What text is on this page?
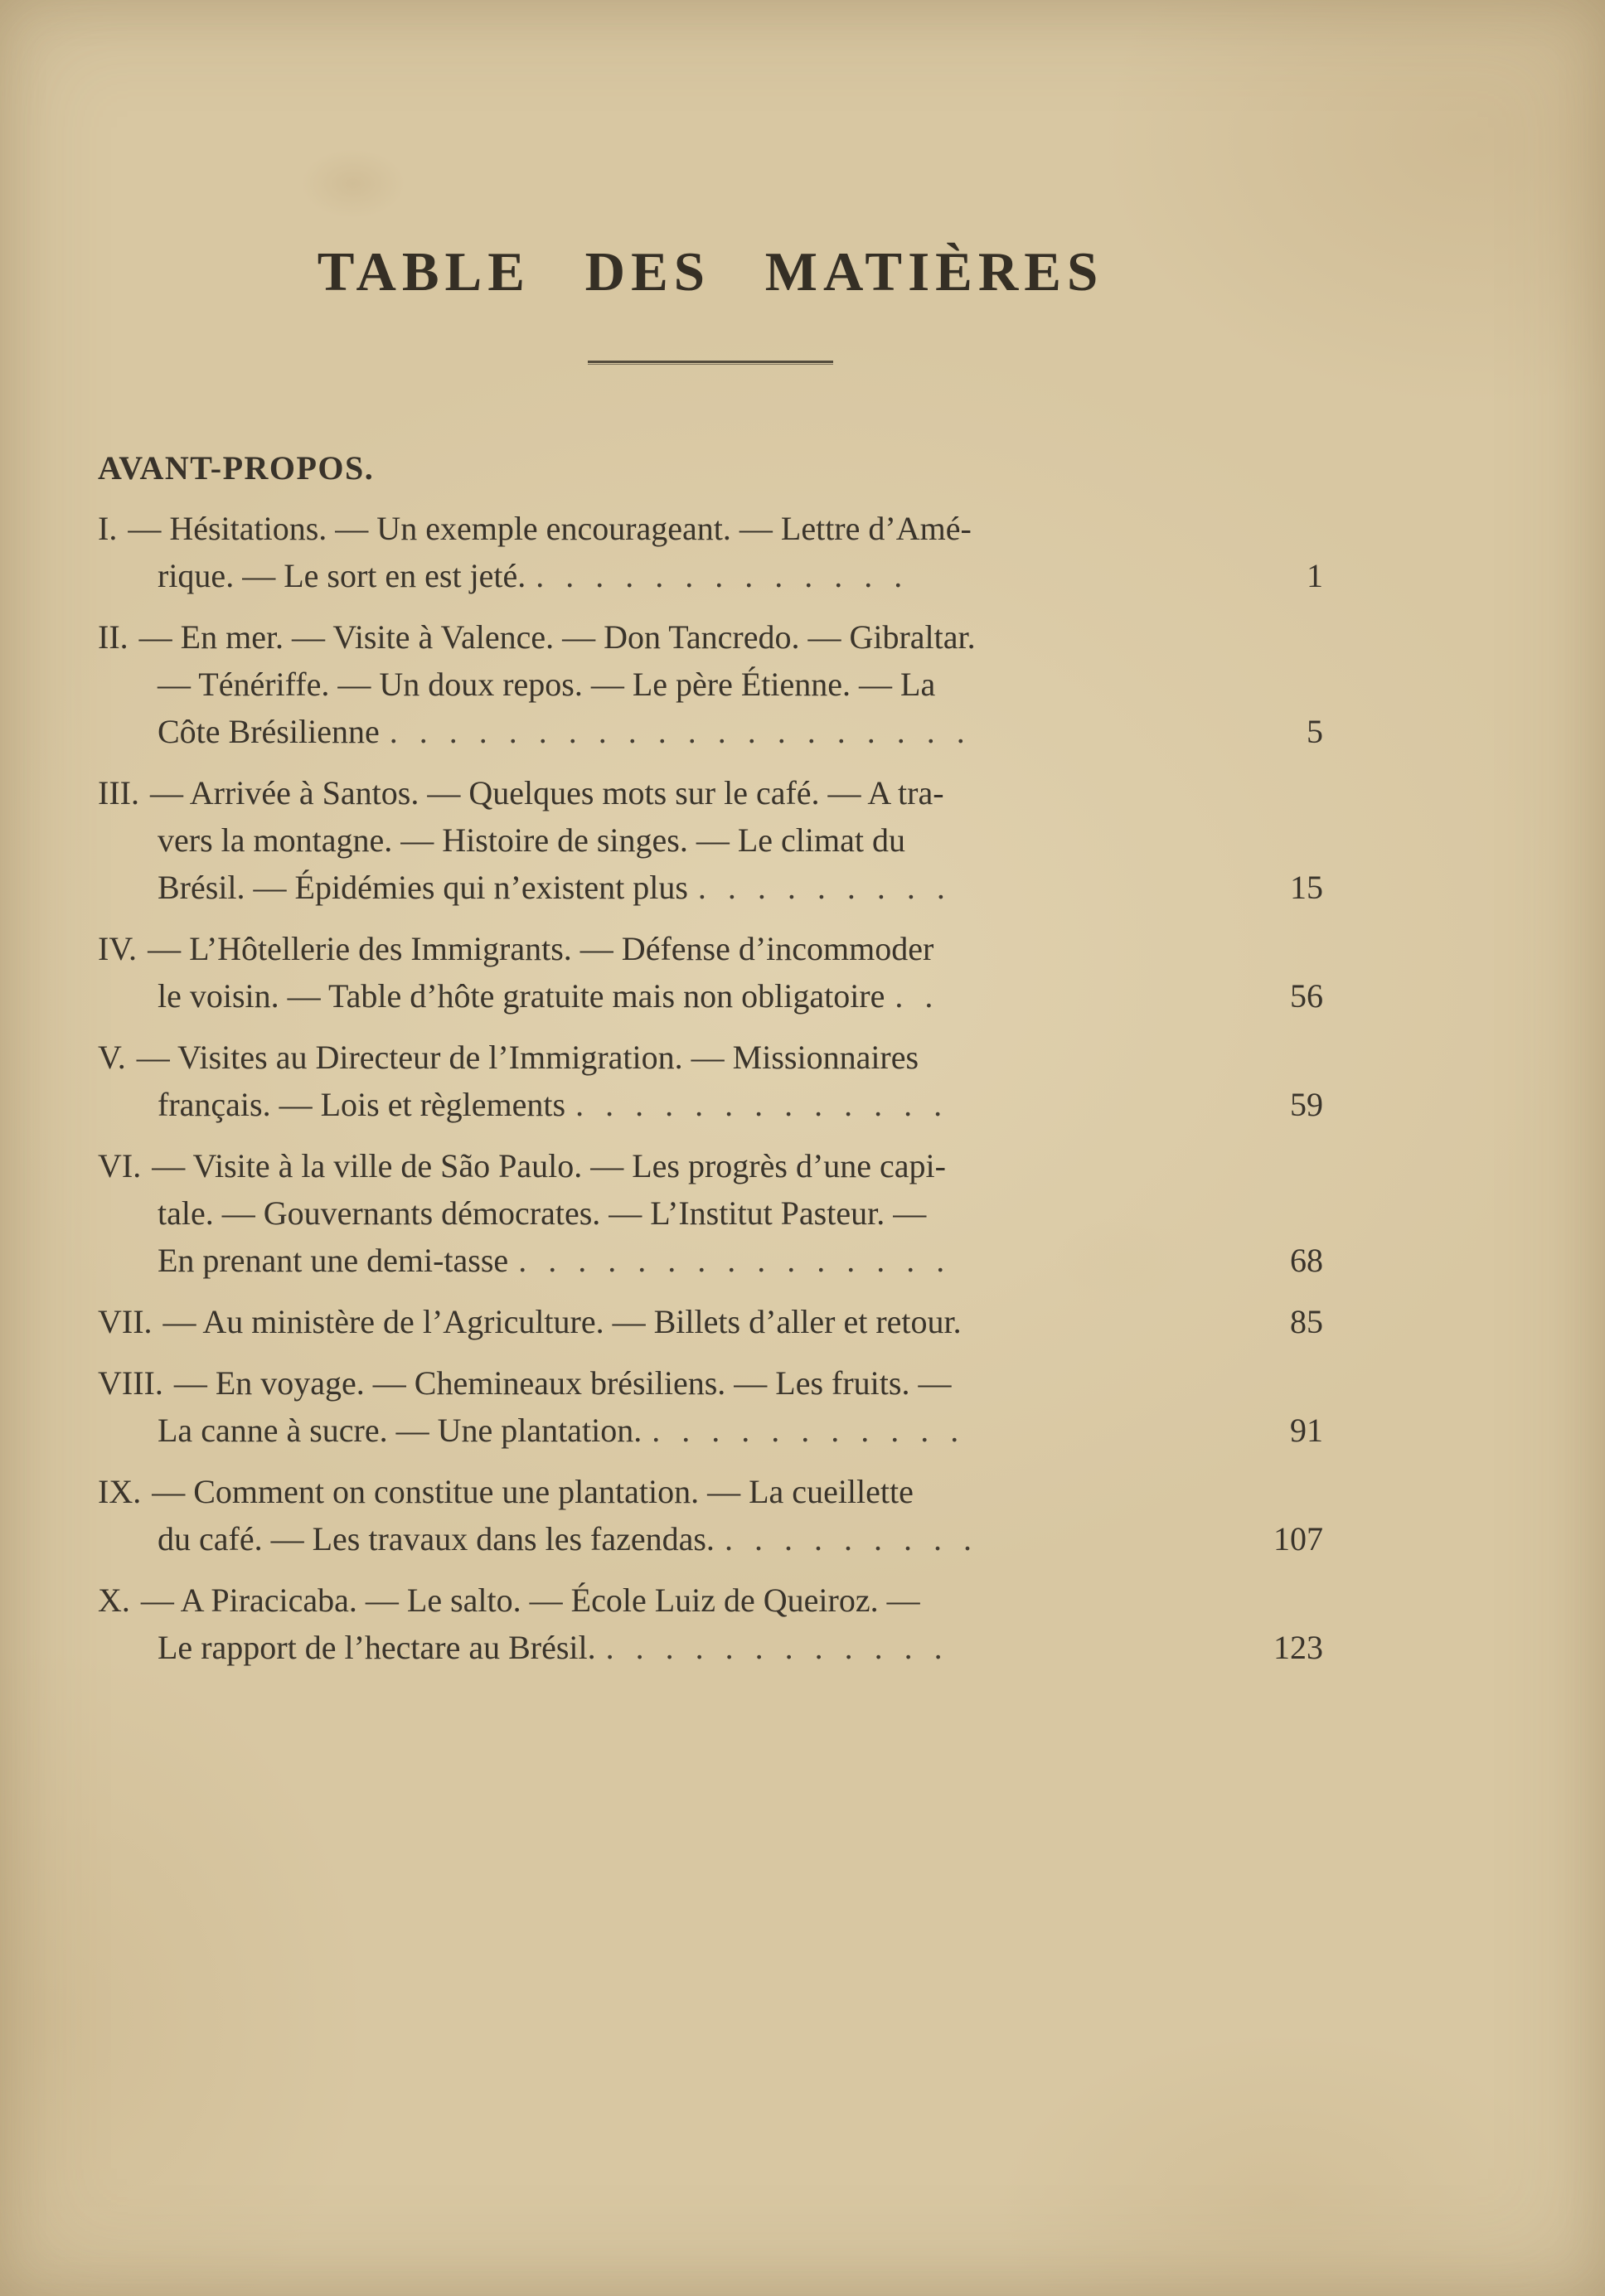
TABLE DES MATIÈRES
AVANT-PROPOS.
I. — Hésitations. — Un exemple encourageant. — Lettre d’Amé-
rique. — Le sort en est jeté. . . . . . . . . . . . . .	1
II. — En mer. — Visite à Valence. — Don Tancredo. — Gibraltar.
— Ténériffe. — Un doux repos. — Le père Étienne. — La
Côte Brésilienne . . . . . . . . . . . . . . . . . . . .	5
III. — Arrivée à Santos. — Quelques mots sur le café. — A tra-
vers la montagne. — Histoire de singes. — Le climat du
Brésil. — Épidémies qui n’existent plus . . . . . . . . .	15
IV. — L’Hôtellerie des Immigrants. — Défense d’incommoder
le voisin. — Table d’hôte gratuite mais non obligatoire . .	56
V. — Visites au Directeur de l’Immigration. — Missionnaires
français. — Lois et règlements . . . . . . . . . . . . .	59
VI. — Visite à la ville de São Paulo. — Les progrès d’une capi-
tale. — Gouvernants démocrates. — L’Institut Pasteur. —
En prenant une demi-tasse . . . . . . . . . . . . . . .	68
VII. — Au ministère de l’Agriculture. — Billets d’aller et retour.	85
VIII. — En voyage. — Chemineaux brésiliens. — Les fruits. —
La canne à sucre. — Une plantation. . . . . . . . . . . .	91
IX. — Comment on constitue une plantation. — La cueillette
du café. — Les travaux dans les fazendas. . . . . . . . . .	107
X. — A Piracicaba. — Le salto. — École Luiz de Queiroz. —
Le rapport de l’hectare au Brésil. . . . . . . . . . . . .	123
